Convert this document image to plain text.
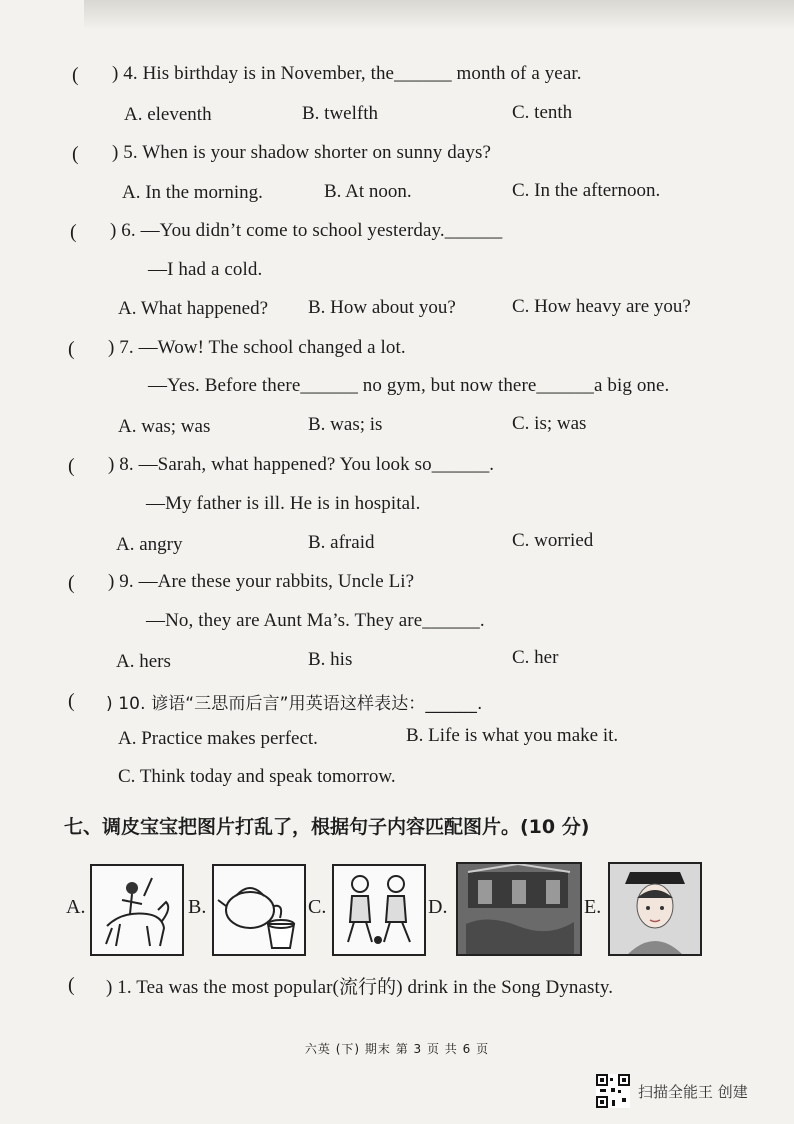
( ) 4. His birthday is in November, the______ month of a year.
A. eleventh	B. twelfth	C. tenth
( ) 5. When is your shadow shorter on sunny days?
A. In the morning.	B. At noon.	C. In the afternoon.
( ) 6. —You didn’t come to school yesterday.______
—I had a cold.
A. What happened? B. How about you?	C. How heavy are you?
( ) 7. —Wow! The school changed a lot.
—Yes. Before there______ no gym, but now there______a big one.
A. was; was	B. was; is	C. is; was
( ) 8. —Sarah, what happened? You look so______.
—My father is ill. He is in hospital.
A. angry	B. afraid	C. worried
( ) 9. —Are these your rabbits, Uncle Li?
—No, they are Aunt Ma’s. They are______.
A. hers	B. his	C. her
( ) 10. 谚语“三思而后言”用英语这样表达：______.
A. Practice makes perfect.	B. Life is what you make it.
C. Think today and speak tomorrow.
七、调皮宝宝把图片打乱了，根据句子内容匹配图片。(10 分)
A.	B.	C.	D.	E.
( ) 1. Tea was the most popular(流行的) drink in the Song Dynasty.
六英 (下) 期末 第 3 页 共 6 页
扫描全能王 创建
